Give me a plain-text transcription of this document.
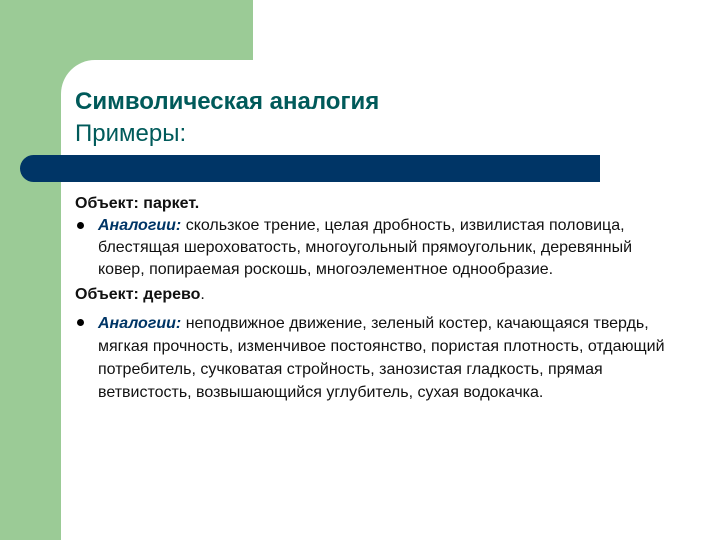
Символическая аналогия
Примеры:

Объект: паркет.

Аналогии: скользкое трение, целая дробность, извилистая половица, блестящая шероховатость, многоугольный прямоугольник, деревянный ковер, попираемая роскошь, многоэлементное однообразие.

Объект: дерево.

Аналогии: неподвижное движение, зеленый костер, качающаяся твердь, мягкая прочность, изменчивое постоянство, пористая плотность, отдающий потребитель, сучковатая стройность, занозистая гладкость, прямая ветвистость, возвышающийся углубитель, сухая водокачка.
